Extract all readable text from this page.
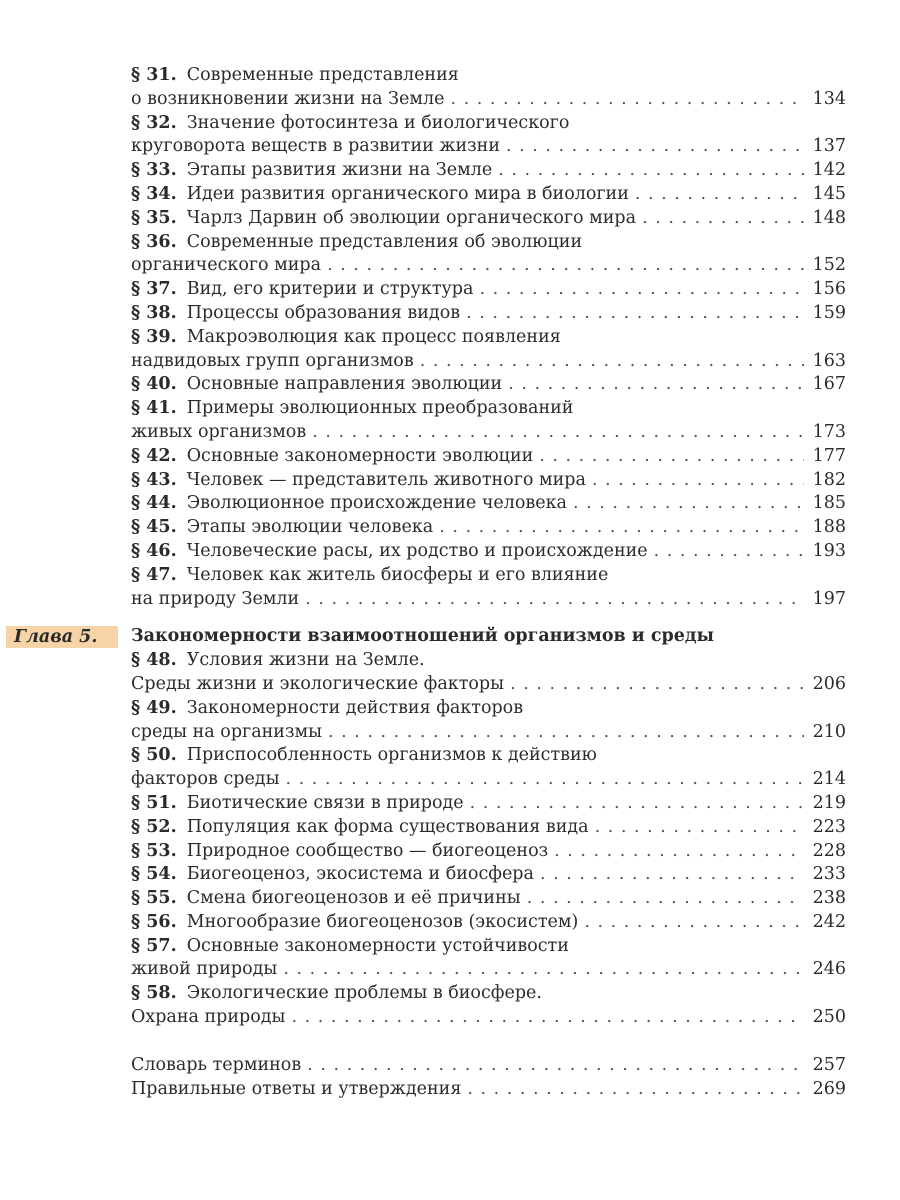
§ 31. Современные представления
о возникновении жизни на Земле . . .	134
§ 32. Значение фотосинтеза и биологического
круговорота веществ в развитии жизни . . .	137
§ 33. Этапы развития жизни на Земле . . .	142
§ 34. Идеи развития органического мира в биологии . . .	145
§ 35. Чарлз Дарвин об эволюции органического мира . . .	148
§ 36. Современные представления об эволюции
органического мира . . .	152
§ 37. Вид, его критерии и структура . . .	156
§ 38. Процессы образования видов . . .	159
§ 39. Макроэволюция как процесс появления
надвидовых групп организмов . . .	163
§ 40. Основные направления эволюции . . .	167
§ 41. Примеры эволюционных преобразований
живых организмов . . .	173
§ 42. Основные закономерности эволюции . . .	177
§ 43. Человек — представитель животного мира . . .	182
§ 44. Эволюционное происхождение человека . . .	185
§ 45. Этапы эволюции человека . . .	188
§ 46. Человеческие расы, их родство и происхождение . . .	193
§ 47. Человек как житель биосферы и его влияние
на природу Земли . . .	197
Глава 5.	Закономерности взаимоотношений организмов и среды
§ 48. Условия жизни на Земле.
Среды жизни и экологические факторы . . .	206
§ 49. Закономерности действия факторов
среды на организмы . . .	210
§ 50. Приспособленность организмов к действию
факторов среды . . .	214
§ 51. Биотические связи в природе . . .	219
§ 52. Популяция как форма существования вида . . .	223
§ 53. Природное сообщество — биогеоценоз . . .	228
§ 54. Биогеоценоз, экосистема и биосфера . . .	233
§ 55. Смена биогеоценозов и её причины . . .	238
§ 56. Многообразие биогеоценозов (экосистем) . . .	242
§ 57. Основные закономерности устойчивости
живой природы . . .	246
§ 58. Экологические проблемы в биосфере.
Охрана природы . . .	250
Словарь терминов . . .	257
Правильные ответы и утверждения . . .	269
